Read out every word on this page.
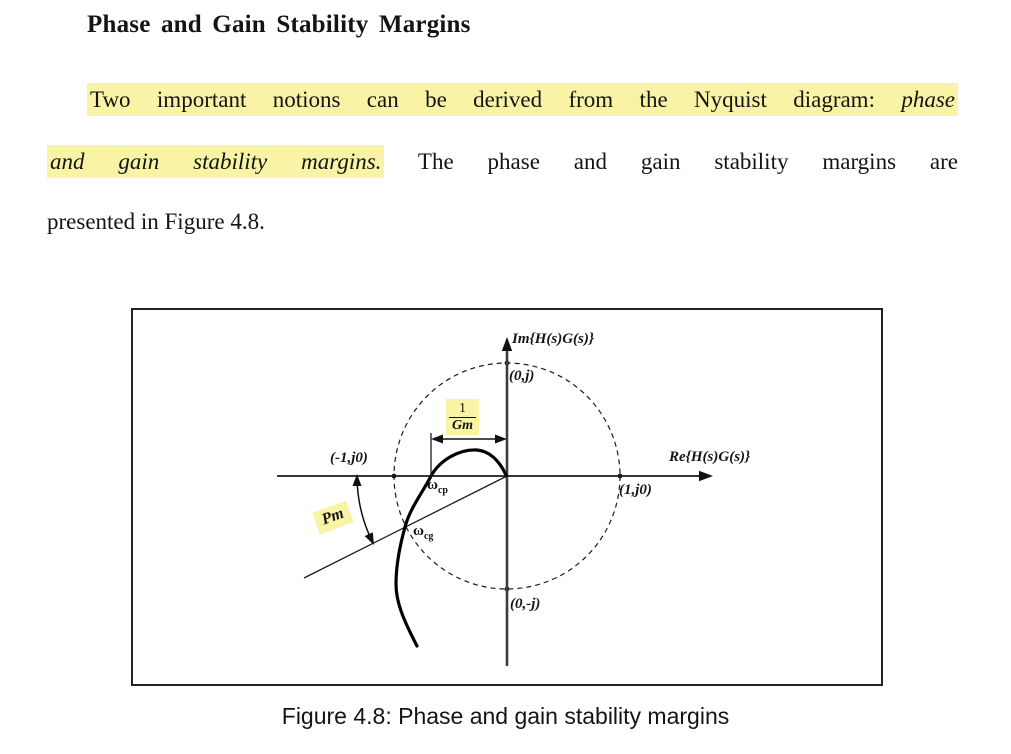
Phase and Gain Stability Margins
Two important notions can be derived from the Nyquist diagram: phase
and gain stability margins. The phase and gain stability margins are
presented in Figure 4.8.
Im{H(s)G(s)}
Re{H(s)G(s)}
(0,j)
(1,j0)
(0,-j)
(-1,j0)
$\omega_{cp}$
$\omega_{cg}$
Pm
$\frac{1}{Gm}$
Figure 4.8: Phase and gain stability margins
